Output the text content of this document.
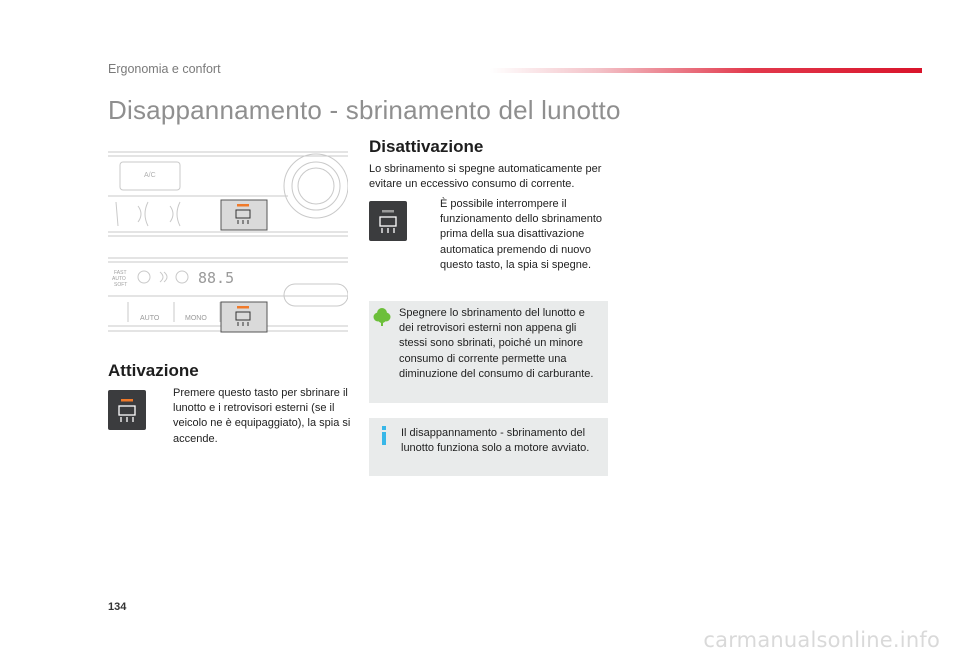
Ergonomia e confort
Disappannamento - sbrinamento del lunotto
A/C
FAST
AUTO
SOFT	88.5
AUTO	MONO
Attivazione
Premere questo tasto per sbrinare il lunotto e i retrovisori esterni (se il veicolo ne è equipaggiato), la spia si accende.
Disattivazione
Lo sbrinamento si spegne automaticamente per evitare un eccessivo consumo di corrente.
È possibile interrompere il funzionamento dello sbrinamento prima della sua disattivazione automatica premendo di nuovo questo tasto, la spia si spegne.
Spegnere lo sbrinamento del lunotto e dei retrovisori esterni non appena gli stessi sono sbrinati, poiché un minore consumo di corrente permette una diminuzione del consumo di carburante.
Il disappannamento - sbrinamento del lunotto funziona solo a motore avviato.
134
carmanualsonline.info
